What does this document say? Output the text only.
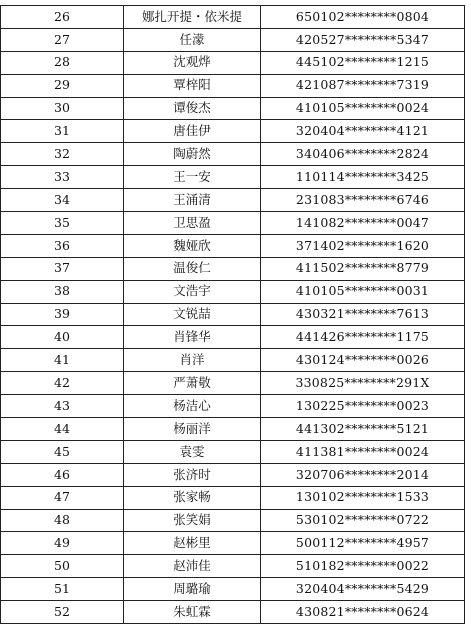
26	娜扎开提・依米提	650102********0804
27	任濛	420527********5347
28	沈观烨	445102********1215
29	覃梓阳	421087********7319
30	谭俊杰	410105********0024
31	唐佳伊	320404********4121
32	陶蔚然	340406********2824
33	王一安	110114********3425
34	王涌清	231083********6746
35	卫思盈	141082********0047
36	魏娅欣	371402********1620
37	温俊仁	411502********8779
38	文浩宇	410105********0031
39	文锐喆	430321********7613
40	肖锋华	441426********1175
41	肖洋	430124********0026
42	严萧敬	330825********291X
43	杨洁心	130225********0023
44	杨丽洋	441302********5121
45	袁雯	411381********0024
46	张济时	320706********2014
47	张家畅	130102********1533
48	张笑娟	530102********0722
49	赵彬里	500112********4957
50	赵沛佳	510182********0022
51	周璐瑜	320404********5429
52	朱虹霖	430821********0624
